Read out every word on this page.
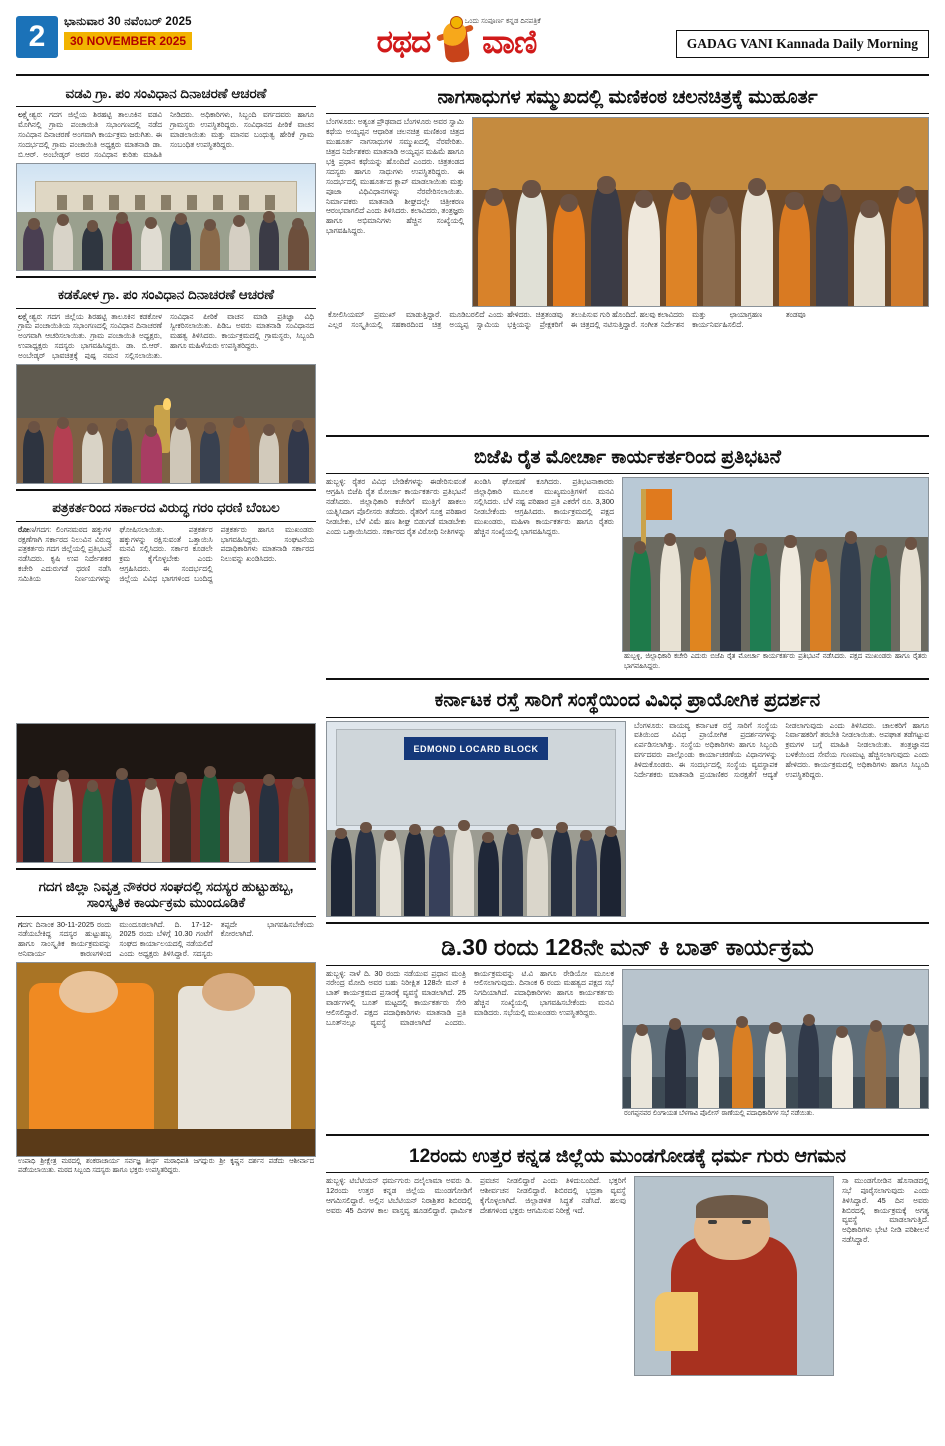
2	ಭಾನುವಾರ 30 ನವೆಂಬರ್ 2025
30 NOVEMBER 2025	ರಥದ ವಾಣಿ
ಒಂದು ಸಂಪೂರ್ಣ ಕನ್ನಡ ದಿನಪತ್ರಿಕೆ
GADAG VANI Kannada Daily Morning
ವಡವಿ ಗ್ರಾ. ಪಂ ಸಂವಿಧಾನ ದಿನಾಚರಣೆ ಆಚರಣೆ
ಲಕ್ಷ್ಮೇಶ್ವರ: ಗದಗ ಜಿಲ್ಲೆಯ ಶಿರಹಟ್ಟಿ ತಾಲೂಕಿನ ವಡವಿ ಮೊಗಿನಲ್ಲಿ ಗ್ರಾಮ ಪಂಚಾಯಿತಿ ಸಭಾಂಗಣದಲ್ಲಿ ನಡೆದ ಸಂವಿಧಾನ ದಿನಾಚರಣೆ ಅಂಗವಾಗಿ ಕಾರ್ಯಕ್ರಮ ಜರುಗಿತು. ಈ ಸಂದರ್ಭದಲ್ಲಿ ಗ್ರಾಮ ಪಂಚಾಯಿತಿ ಅಧ್ಯಕ್ಷರು ಮಾತನಾಡಿ ಡಾ. ಬಿ.ಆರ್. ಅಂಬೇಡ್ಕರ್ ಅವರ ಸಂವಿಧಾನ ಕುರಿತು ಮಾಹಿತಿ ನೀಡಿದರು. ಅಧಿಕಾರಿಗಳು, ಸಿಬ್ಬಂದಿ ವರ್ಗದವರು ಹಾಗೂ ಗ್ರಾಮಸ್ಥರು ಉಪಸ್ಥಿತರಿದ್ದರು. ಸಂವಿಧಾನದ ಪೀಠಿಕೆ ವಾಚನ ಮಾಡಲಾಯಿತು ಮತ್ತು ಮಾನವ ಬಂಧುತ್ವ ಹೇರಿಕೆ ಗ್ರಾಮ ಸಂಬಂಧಿತ ಉಪಸ್ಥಿತರಿದ್ದರು.
ಕಡಕೋಳ ಗ್ರಾ. ಪಂ ಸಂವಿಧಾನ ದಿನಾಚರಣೆ ಆಚರಣೆ
ಲಕ್ಷ್ಮೇಶ್ವರ: ಗದಗ ಜಿಲ್ಲೆಯ ಶಿರಹಟ್ಟಿ ತಾಲೂಕಿನ ಕಡಕೋಳ ಗ್ರಾಮ ಪಂಚಾಯಿತಿಯ ಸಭಾಂಗಣದಲ್ಲಿ ಸಂವಿಧಾನ ದಿನಾಚರಣೆ ಅಂಗವಾಗಿ ಆಚರಿಸಲಾಯಿತು. ಗ್ರಾಮ ಪಂಚಾಯಿತಿ ಅಧ್ಯಕ್ಷರು, ಉಪಾಧ್ಯಕ್ಷರು ಸದಸ್ಯರು ಭಾಗವಹಿಸಿದ್ದರು. ಡಾ. ಬಿ.ಆರ್. ಅಂಬೇಡ್ಕರ್ ಭಾವಚಿತ್ರಕ್ಕೆ ಪುಷ್ಪ ನಮನ ಸಲ್ಲಿಸಲಾಯಿತು. ಸಂವಿಧಾನ ಪೀಠಿಕೆ ವಾಚನ ಮಾಡಿ ಪ್ರತಿಜ್ಞಾ ವಿಧಿ ಸ್ವೀಕರಿಸಲಾಯಿತು. ಪಿಡಿಒ ಅವರು ಮಾತನಾಡಿ ಸಂವಿಧಾನದ ಮಹತ್ವ ತಿಳಿಸಿದರು. ಕಾರ್ಯಕ್ರಮದಲ್ಲಿ ಗ್ರಾಮಸ್ಥರು, ಸಿಬ್ಬಂದಿ ಹಾಗೂ ಮಹಿಳೆಯರು ಉಪಸ್ಥಿತರಿದ್ದರು.
ಪತ್ರಕರ್ತರಿಂದ ಸರ್ಕಾರದ ವಿರುದ್ಧ ಗರಂ ಧರಣಿ ಬೆಂಬಲ
ರೋಣ/ಗದಗ: ಲಿಂಗನಮಠದ ಹಕ್ಕುಗಳ ರಕ್ಷಣೆಗಾಗಿ ಸರ್ಕಾರದ ನಿಲುವಿನ ವಿರುದ್ಧ ಪತ್ರಕರ್ತರು ಗದಗ ಜಿಲ್ಲೆಯಲ್ಲಿ ಪ್ರತಿಭಟನೆ ನಡೆಸಿದರು. ಕೃಷಿ ಉಪ ನಿರ್ದೇಶಕರ ಕಚೇರಿ ಎದುರುಗಡೆ ಧರಣಿ ನಡೆಸಿ ಸಮಿತಿಯ ನಿರ್ಣಯಗಳನ್ನು ಘೋಷಿಸಲಾಯಿತು. ಪತ್ರಕರ್ತರ ಹಕ್ಕುಗಳನ್ನು ರಕ್ಷಿಸುವಂತೆ ಒತ್ತಾಯಿಸಿ ಮನವಿ ಸಲ್ಲಿಸಿದರು. ಸರ್ಕಾರ ಕೂಡಲೇ ಕ್ರಮ ಕೈಗೊಳ್ಳಬೇಕು ಎಂದು ಆಗ್ರಹಿಸಿದರು. ಈ ಸಂದರ್ಭದಲ್ಲಿ ಜಿಲ್ಲೆಯ ವಿವಿಧ ಭಾಗಗಳಿಂದ ಬಂದಿದ್ದ ಪತ್ರಕರ್ತರು ಹಾಗೂ ಮುಖಂಡರು ಭಾಗವಹಿಸಿದ್ದರು. ಸಂಘಟನೆಯ ಪದಾಧಿಕಾರಿಗಳು ಮಾತನಾಡಿ ಸರ್ಕಾರದ ನಿಲುವನ್ನು ಖಂಡಿಸಿದರು.
ಗದಗ ಜಿಲ್ಲಾ ನಿವೃತ್ತ ನೌಕರರ ಸಂಘದಲ್ಲಿ ಸದಸ್ಯರ ಹುಟ್ಟುಹಬ್ಬ, ಸಾಂಸ್ಕೃತಿಕ ಕಾರ್ಯಕ್ರಮ ಮುಂದೂಡಿಕೆ
ಗದಗ: ದಿನಾಂಕ 30-11-2025 ರಂದು ನಡೆಯಬೇಕಿದ್ದ ಸದಸ್ಯರ ಹುಟ್ಟುಹಬ್ಬ ಹಾಗೂ ಸಾಂಸ್ಕೃತಿಕ ಕಾರ್ಯಕ್ರಮವನ್ನು ಅನಿವಾರ್ಯ ಕಾರಣಗಳಿಂದ ಮುಂದೂಡಲಾಗಿದೆ. ದಿ. 17-12-2025 ರಂದು ಬೆಳಿಗ್ಗೆ 10.30 ಗಂಟೆಗೆ ಸಂಘದ ಕಾರ್ಯಾಲಯದಲ್ಲಿ ನಡೆಯಲಿದೆ ಎಂದು ಅಧ್ಯಕ್ಷರು ತಿಳಿಸಿದ್ದಾರೆ. ಸದಸ್ಯರು ತಪ್ಪದೇ ಭಾಗವಹಿಸಬೇಕೆಂದು ಕೋರಲಾಗಿದೆ.
ಉಪಾಧಿ ಶ್ರೀಕ್ಷೇತ್ರ ಮಠದಲ್ಲಿ ಶಂಕರಾಚಾರ್ಯ ಸರ್ವಜ್ಞ ತೀರ್ಥ ಮಠಾಧಿಪತಿ ಜಗದ್ಗುರು ಶ್ರೀ ಕೃಷ್ಣನ ದರ್ಶನ ಪಡೆದು ಆಶೀರ್ವಾದ ಪಡೆಯಲಾಯಿತು. ಮಠದ ಸಿಬ್ಬಂದಿ ಸದಸ್ಯರು ಹಾಗೂ ಭಕ್ತರು ಉಪಸ್ಥಿತರಿದ್ದರು.
ನಾಗಸಾಧುಗಳ ಸಮ್ಮುಖದಲ್ಲಿ ಮಣಿಕಂಠ ಚಲನಚಿತ್ರಕ್ಕೆ ಮುಹೂರ್ತ
ಬೆಂಗಳೂರು: ಅತ್ಯಂತ ಪ್ರೌಢವಾದ ಬೆಂಗಳೂರು ಅವರ ಸ್ವಾಮಿ ಕಥೆಯ ಅಯ್ಯಪ್ಪನ ಆಧಾರಿತ ಚಲನಚಿತ್ರ ಮಣಿಕಂಠ ಚಿತ್ರದ ಮುಹೂರ್ತ ನಾಗಸಾಧುಗಳ ಸಮ್ಮುಖದಲ್ಲಿ ನೆರವೇರಿತು. ಚಿತ್ರದ ನಿರ್ದೇಶಕರು ಮಾತನಾಡಿ ಅಯ್ಯಪ್ಪನ ಮಹಿಮೆ ಹಾಗೂ ಭಕ್ತಿ ಪ್ರಧಾನ ಕಥೆಯನ್ನು ಹೊಂದಿದೆ ಎಂದರು. ಚಿತ್ರತಂಡದ ಸದಸ್ಯರು ಹಾಗೂ ಸಾಧುಗಳು ಉಪಸ್ಥಿತರಿದ್ದರು. ಈ ಸಂದರ್ಭದಲ್ಲಿ ಮುಹೂರ್ತದ ಕ್ಲಾಪ್ ಮಾಡಲಾಯಿತು ಮತ್ತು ಪೂಜಾ ವಿಧಿವಿಧಾನಗಳನ್ನು ನೆರವೇರಿಸಲಾಯಿತು. ನಿರ್ಮಾಪಕರು ಮಾತನಾಡಿ ಶೀಘ್ರದಲ್ಲೇ ಚಿತ್ರೀಕರಣ ಆರಂಭವಾಗಲಿದೆ ಎಂದು ತಿಳಿಸಿದರು. ಕಲಾವಿದರು, ತಂತ್ರಜ್ಞರು ಹಾಗೂ ಅಭಿಮಾನಿಗಳು ಹೆಚ್ಚಿನ ಸಂಖ್ಯೆಯಲ್ಲಿ ಭಾಗವಹಿಸಿದ್ದರು.
ಕೋಲಿಸಿಯಮ್ ಪ್ರಮುಖ್ ಮಾಡುತ್ತಿದ್ದಾರೆ. ಎಲ್ಲರ ಸಂಸ್ಕೃತಿಯಲ್ಲಿ ಸಹಕಾರದಿಂದ ಚಿತ್ರ ಮೂಡಿಬರಲಿದೆ ಎಂದು ಹೇಳಿದರು. ಚಿತ್ರತಂಡವು ಅಯ್ಯಪ್ಪ ಸ್ವಾಮಿಯ ಭಕ್ತಿಯನ್ನು ಪ್ರೇಕ್ಷಕರಿಗೆ ತಲುಪಿಸುವ ಗುರಿ ಹೊಂದಿದೆ. ಹಲವು ಕಲಾವಿದರು ಈ ಚಿತ್ರದಲ್ಲಿ ನಟಿಸುತ್ತಿದ್ದಾರೆ. ಸಂಗೀತ ನಿರ್ದೇಶನ ಮತ್ತು ಛಾಯಾಗ್ರಹಣ ತಂಡವೂ ಕಾರ್ಯನಿರ್ವಹಿಸಲಿದೆ.
ಬಿಜೆಪಿ ರೈತ ಮೋರ್ಚಾ ಕಾರ್ಯಕರ್ತರಿಂದ ಪ್ರತಿಭಟನೆ
ಹುಬ್ಬಳ್ಳಿ: ರೈತರ ವಿವಿಧ ಬೇಡಿಕೆಗಳನ್ನು ಈಡೇರಿಸುವಂತೆ ಆಗ್ರಹಿಸಿ ಬಿಜೆಪಿ ರೈತ ಮೋರ್ಚಾ ಕಾರ್ಯಕರ್ತರು ಪ್ರತಿಭಟನೆ ನಡೆಸಿದರು. ಜಿಲ್ಲಾಧಿಕಾರಿ ಕಚೇರಿಗೆ ಮುತ್ತಿಗೆ ಹಾಕಲು ಯತ್ನಿಸಿದಾಗ ಪೊಲೀಸರು ತಡೆದರು. ರೈತರಿಗೆ ಸೂಕ್ತ ಪರಿಹಾರ ನೀಡಬೇಕು, ಬೆಳೆ ವಿಮೆ ಹಣ ಶೀಘ್ರ ಬಿಡುಗಡೆ ಮಾಡಬೇಕು ಎಂದು ಒತ್ತಾಯಿಸಿದರು. ಸರ್ಕಾರದ ರೈತ ವಿರೋಧಿ ನೀತಿಗಳನ್ನು ಖಂಡಿಸಿ ಘೋಷಣೆ ಕೂಗಿದರು. ಪ್ರತಿಭಟನಾಕಾರರು ಜಿಲ್ಲಾಧಿಕಾರಿ ಮೂಲಕ ಮುಖ್ಯಮಂತ್ರಿಗಳಿಗೆ ಮನವಿ ಸಲ್ಲಿಸಿದರು. ಬೆಳೆ ನಷ್ಟ ಪರಿಹಾರ ಪ್ರತಿ ಎಕರೆಗೆ ರೂ. 3,300 ನೀಡಬೇಕೆಂದು ಆಗ್ರಹಿಸಿದರು. ಕಾರ್ಯಕ್ರಮದಲ್ಲಿ ಪಕ್ಷದ ಮುಖಂಡರು, ಮಹಿಳಾ ಕಾರ್ಯಕರ್ತರು ಹಾಗೂ ರೈತರು ಹೆಚ್ಚಿನ ಸಂಖ್ಯೆಯಲ್ಲಿ ಭಾಗವಹಿಸಿದ್ದರು.
ಹುಬ್ಬಳ್ಳಿ, ಜಿಲ್ಲಾಧಿಕಾರಿ ಕಚೇರಿ ಎದುರು ಬಿಜೆಪಿ ರೈತ ಮೋರ್ಚಾ ಕಾರ್ಯಕರ್ತರು ಪ್ರತಿಭಟನೆ ನಡೆಸಿದರು. ಪಕ್ಷದ ಮುಖಂಡರು ಹಾಗೂ ರೈತರು ಭಾಗವಹಿಸಿದ್ದರು.
ಕರ್ನಾಟಕ ರಸ್ತೆ ಸಾರಿಗೆ ಸಂಸ್ಥೆಯಿಂದ ವಿವಿಧ ಪ್ರಾಯೋಗಿಕ ಪ್ರದರ್ಶನ
EDMOND LOCARD BLOCK
ಬೆಂಗಳೂರು: ವಾಯವ್ಯ ಕರ್ನಾಟಕ ರಸ್ತೆ ಸಾರಿಗೆ ಸಂಸ್ಥೆಯ ವತಿಯಿಂದ ವಿವಿಧ ಪ್ರಾಯೋಗಿಕ ಪ್ರದರ್ಶನಗಳನ್ನು ಏರ್ಪಡಿಸಲಾಗಿತ್ತು. ಸಂಸ್ಥೆಯ ಅಧಿಕಾರಿಗಳು ಹಾಗೂ ಸಿಬ್ಬಂದಿ ವರ್ಗದವರು ಪಾಲ್ಗೊಂಡು ಕಾರ್ಯಾಚರಣೆಯ ವಿಧಾನಗಳನ್ನು ತಿಳಿದುಕೊಂಡರು. ಈ ಸಂದರ್ಭದಲ್ಲಿ ಸಂಸ್ಥೆಯ ವ್ಯವಸ್ಥಾಪಕ ನಿರ್ದೇಶಕರು ಮಾತನಾಡಿ ಪ್ರಯಾಣಿಕರ ಸುರಕ್ಷತೆಗೆ ಆದ್ಯತೆ ನೀಡಲಾಗುವುದು ಎಂದು ತಿಳಿಸಿದರು. ಚಾಲಕರಿಗೆ ಹಾಗೂ ನಿರ್ವಾಹಕರಿಗೆ ತರಬೇತಿ ನೀಡಲಾಯಿತು. ಅಪಘಾತ ತಡೆಗಟ್ಟುವ ಕ್ರಮಗಳ ಬಗ್ಗೆ ಮಾಹಿತಿ ನೀಡಲಾಯಿತು. ತಂತ್ರಜ್ಞಾನದ ಬಳಕೆಯಿಂದ ಸೇವೆಯ ಗುಣಮಟ್ಟ ಹೆಚ್ಚಿಸಲಾಗುವುದು ಎಂದು ಹೇಳಿದರು. ಕಾರ್ಯಕ್ರಮದಲ್ಲಿ ಅಧಿಕಾರಿಗಳು ಹಾಗೂ ಸಿಬ್ಬಂದಿ ಉಪಸ್ಥಿತರಿದ್ದರು.
ಡಿ.30 ರಂದು 128ನೇ ಮನ್ ಕಿ ಬಾತ್ ಕಾರ್ಯಕ್ರಮ
ಹುಬ್ಬಳ್ಳಿ: ನಾಳೆ ದಿ. 30 ರಂದು ನಡೆಯುವ ಪ್ರಧಾನ ಮಂತ್ರಿ ನರೇಂದ್ರ ಮೋದಿ ಅವರ ಬಹು ನಿರೀಕ್ಷಿತ 128ನೇ ಮನ್ ಕಿ ಬಾತ್ ಕಾರ್ಯಕ್ರಮದ ಪ್ರಸಾರಕ್ಕೆ ವ್ಯವಸ್ಥೆ ಮಾಡಲಾಗಿದೆ. 25 ವಾರ್ಡಗಳಲ್ಲಿ ಬೂತ್ ಮಟ್ಟದಲ್ಲಿ ಕಾರ್ಯಕರ್ತರು ಸೇರಿ ಆಲಿಸಲಿದ್ದಾರೆ. ಪಕ್ಷದ ಪದಾಧಿಕಾರಿಗಳು ಮಾತನಾಡಿ ಪ್ರತಿ ಬೂತ್‌ನಲ್ಲೂ ವ್ಯವಸ್ಥೆ ಮಾಡಲಾಗಿದೆ ಎಂದರು. ಕಾರ್ಯಕ್ರಮವನ್ನು ಟಿ.ವಿ ಹಾಗೂ ರೇಡಿಯೋ ಮೂಲಕ ಆಲಿಸಲಾಗುವುದು. ದಿನಾಂಕ 6 ರಂದು ಮಹತ್ವದ ಪಕ್ಷದ ಸಭೆ ನಿಗದಿಯಾಗಿದೆ. ಪದಾಧಿಕಾರಿಗಳು ಹಾಗೂ ಕಾರ್ಯಕರ್ತರು ಹೆಚ್ಚಿನ ಸಂಖ್ಯೆಯಲ್ಲಿ ಭಾಗವಹಿಸಬೇಕೆಂದು ಮನವಿ ಮಾಡಿದರು. ಸಭೆಯಲ್ಲಿ ಮುಖಂಡರು ಉಪಸ್ಥಿತರಿದ್ದರು.
ರಂಗಪ್ಪನವರ ಲಿಂಗಾಯತ ಬೆಳಗಾವಿ ಪೊಲೀಸ್ ಠಾಣೆಯಲ್ಲಿ ಪದಾಧಿಕಾರಿಗಳ ಸಭೆ ನಡೆಯಿತು.
12ರಂದು ಉತ್ತರ ಕನ್ನಡ ಜಿಲ್ಲೆಯ ಮುಂಡಗೋಡಕ್ಕೆ ಧರ್ಮ ಗುರು ಆಗಮನ
ಹುಬ್ಬಳ್ಳಿ: ಟಿಬೆಟಿಯನ್ ಧರ್ಮಗುರು ದಲೈಲಾಮಾ ಅವರು ಡಿ. 12ರಂದು ಉತ್ತರ ಕನ್ನಡ ಜಿಲ್ಲೆಯ ಮುಂಡಗೋಡಿಗೆ ಆಗಮಿಸಲಿದ್ದಾರೆ. ಅಲ್ಲಿನ ಟಿಬೆಟಿಯನ್ ನಿರಾಶ್ರಿತರ ಶಿಬಿರದಲ್ಲಿ ಅವರು 45 ದಿನಗಳ ಕಾಲ ವಾಸ್ತವ್ಯ ಹೂಡಲಿದ್ದಾರೆ. ಧಾರ್ಮಿಕ ಪ್ರವಚನ ನೀಡಲಿದ್ದಾರೆ ಎಂದು ತಿಳಿದುಬಂದಿದೆ. ಭಕ್ತರಿಗೆ ಆಶೀರ್ವಚನ ನೀಡಲಿದ್ದಾರೆ. ಶಿಬಿರದಲ್ಲಿ ಭದ್ರತಾ ವ್ಯವಸ್ಥೆ ಕೈಗೊಳ್ಳಲಾಗಿದೆ. ಜಿಲ್ಲಾಡಳಿತ ಸಿದ್ಧತೆ ನಡೆಸಿದೆ. ಹಲವು ದೇಶಗಳಿಂದ ಭಕ್ತರು ಆಗಮಿಸುವ ನಿರೀಕ್ಷೆ ಇದೆ.
ಸಾ ಮುಂಡಗೋಡಿನ ಹೊಸಾಡದಲ್ಲಿ ಸಭೆ ಪೂರೈಸಲಾಗುವುದು ಎಂದು ತಿಳಿಸಿದ್ದಾರೆ. 45 ದಿನ ಅವರು ಶಿಬಿರದಲ್ಲಿ ಕಾರ್ಯಕ್ರಮಕ್ಕೆ ಅಗತ್ಯ ವ್ಯವಸ್ಥೆ ಮಾಡಲಾಗುತ್ತಿದೆ. ಅಧಿಕಾರಿಗಳು ಭೇಟಿ ನೀಡಿ ಪರಿಶೀಲನೆ ನಡೆಸಿದ್ದಾರೆ.
